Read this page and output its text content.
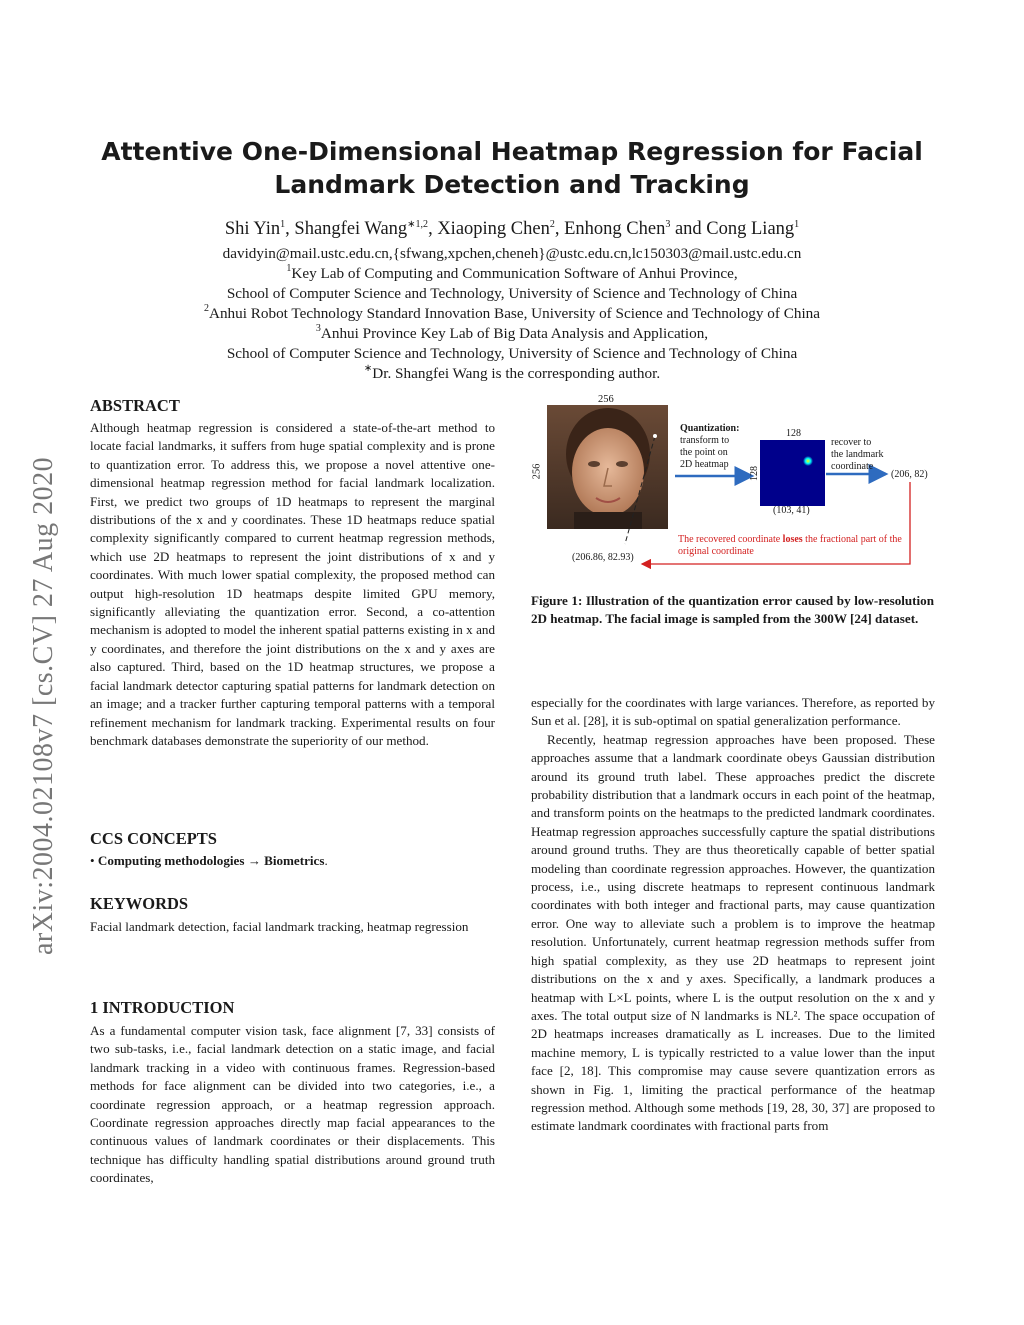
arXiv:2004.02108v7 [cs.CV] 27 Aug 2020
Attentive One-Dimensional Heatmap Regression for Facial
Landmark Detection and Tracking
Shi Yin$^1$, Shangfei Wang$^{∗1,2}$, Xiaoping Chen$^2$, Enhong Chen$^3$ and Cong Liang$^1$
davidyin@mail.ustc.edu.cn,{sfwang,xpchen,cheneh}@ustc.edu.cn,lc150303@mail.ustc.edu.cn
$^1$Key Lab of Computing and Communication Software of Anhui Province,
School of Computer Science and Technology, University of Science and Technology of China
$^2$Anhui Robot Technology Standard Innovation Base, University of Science and Technology of China
$^3$Anhui Province Key Lab of Big Data Analysis and Application,
School of Computer Science and Technology, University of Science and Technology of China
∗Dr. Shangfei Wang is the corresponding author.
ABSTRACT

Although heatmap regression is considered a state-of-the-art method to locate facial landmarks, it suffers from huge spatial complexity and is prone to quantization error. To address this, we propose a novel attentive one-dimensional heatmap regression method for facial landmark localization. First, we predict two groups of 1D heatmaps to represent the marginal distributions of the x and y coordinates. These 1D heatmaps reduce spatial complexity significantly compared to current heatmap regression methods, which use 2D heatmaps to represent the joint distributions of x and y coordinates. With much lower spatial complexity, the proposed method can output high-resolution 1D heatmaps despite limited GPU memory, significantly alleviating the quantization error. Second, a co-attention mechanism is adopted to model the inherent spatial patterns existing in x and y coordinates, and therefore the joint distributions on the x and y axes are also captured. Third, based on the 1D heatmap structures, we propose a facial landmark detector capturing spatial patterns for landmark detection on an image; and a tracker further capturing temporal patterns with a temporal refinement mechanism for landmark tracking. Experimental results on four benchmark databases demonstrate the superiority of our method.

CCS CONCEPTS
• Computing methodologies → Biometrics.
KEYWORDS
Facial landmark detection, facial landmark tracking, heatmap regression
1 INTRODUCTION

As a fundamental computer vision task, face alignment [7, 33] consists of two sub-tasks, i.e., facial landmark detection on a static image, and facial landmark tracking in a video with continuous frames. Regression-based methods for face alignment can be divided into two categories, i.e., a coordinate regression approach, or a heatmap regression approach. Coordinate regression approaches directly map facial appearances to the continuous values of landmark coordinates or their displacements. This technique has difficulty handling spatial distributions around ground truth coordinates,

256
256
Quantization:
transform to
the point on
2D heatmap
128
128
(103, 41)
recover to
the landmark
coordinate
(206, 82)
(206.86, 82.93)
The recovered coordinate loses the fractional part of the
original coordinate
Figure 1: Illustration of the quantization error caused by low-resolution 2D heatmap. The facial image is sampled from the 300W [24] dataset.

especially for the coordinates with large variances. Therefore, as reported by Sun et al. [28], it is sub-optimal on spatial generalization performance.

Recently, heatmap regression approaches have been proposed. These approaches assume that a landmark coordinate obeys Gaussian distribution around its ground truth label. These approaches predict the discrete probability distribution that a landmark occurs in each point of the heatmap, and transform points on the heatmaps to the predicted landmark coordinates. Heatmap regression approaches successfully capture the spatial distributions around ground truths. They are thus theoretically capable of better spatial modeling than coordinate regression approaches. However, the quantization process, i.e., using discrete heatmaps to represent continuous landmark coordinates with both integer and fractional parts, may cause quantization error. One way to alleviate such a problem is to improve the heatmap resolution. Unfortunately, current heatmap regression methods suffer from high spatial complexity, as they use 2D heatmaps to represent joint distributions on the x and y axes. Specifically, a landmark produces a heatmap with L×L points, where L is the output resolution on the x and y axes. The total output size of N landmarks is NL². The space occupation of 2D heatmaps increases dramatically as L increases. Due to the limited machine memory, L is typically restricted to a value lower than the input face [2, 18]. This compromise may cause severe quantization errors as shown in Fig. 1, limiting the practical performance of the heatmap regression method. Although some methods [19, 28, 30, 37] are proposed to estimate landmark coordinates with fractional parts from
